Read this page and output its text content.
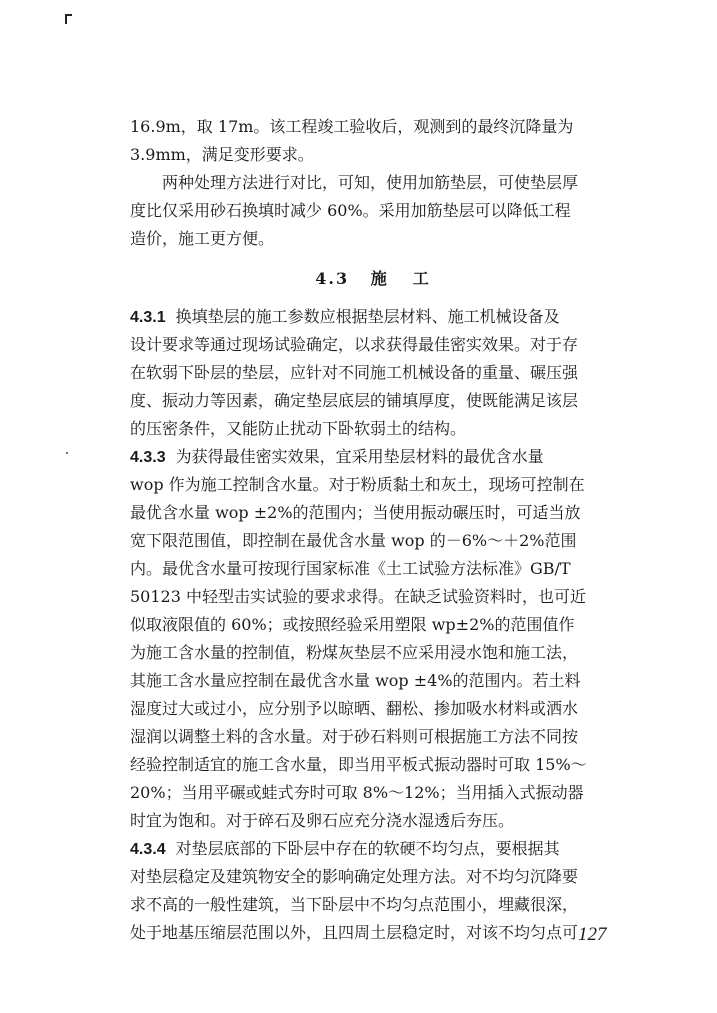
16.9m，取 17m。该工程竣工验收后，观测到的最终沉降量为
3.9mm，满足变形要求。
两种处理方法进行对比，可知，使用加筋垫层，可使垫层厚
度比仅采用砂石换填时减少 60%。采用加筋垫层可以降低工程
造价，施工更方便。
4.3 施工
4.3.1 换填垫层的施工参数应根据垫层材料、施工机械设备及
设计要求等通过现场试验确定，以求获得最佳密实效果。对于存
在软弱下卧层的垫层，应针对不同施工机械设备的重量、碾压强
度、振动力等因素，确定垫层底层的铺填厚度，使既能满足该层
的压密条件，又能防止扰动下卧软弱土的结构。
4.3.3 为获得最佳密实效果，宜采用垫层材料的最优含水量
wop 作为施工控制含水量。对于粉质黏土和灰土，现场可控制在
最优含水量 wop ±2%的范围内；当使用振动碾压时，可适当放
宽下限范围值，即控制在最优含水量 wop 的－6%～＋2%范围
内。最优含水量可按现行国家标准《土工试验方法标准》GB/T
50123 中轻型击实试验的要求求得。在缺乏试验资料时，也可近
似取液限值的 60%；或按照经验采用塑限 wp±2%的范围值作
为施工含水量的控制值，粉煤灰垫层不应采用浸水饱和施工法，
其施工含水量应控制在最优含水量 wop ±4%的范围内。若土料
湿度过大或过小，应分别予以晾晒、翻松、掺加吸水材料或洒水
湿润以调整土料的含水量。对于砂石料则可根据施工方法不同按
经验控制适宜的施工含水量，即当用平板式振动器时可取 15%～
20%；当用平碾或蛙式夯时可取 8%～12%；当用插入式振动器
时宜为饱和。对于碎石及卵石应充分浇水湿透后夯压。
4.3.4 对垫层底部的下卧层中存在的软硬不均匀点，要根据其
对垫层稳定及建筑物安全的影响确定处理方法。对不均匀沉降要
求不高的一般性建筑，当下卧层中不均匀点范围小，埋藏很深，
处于地基压缩层范围以外，且四周土层稳定时，对该不均匀点可 127
